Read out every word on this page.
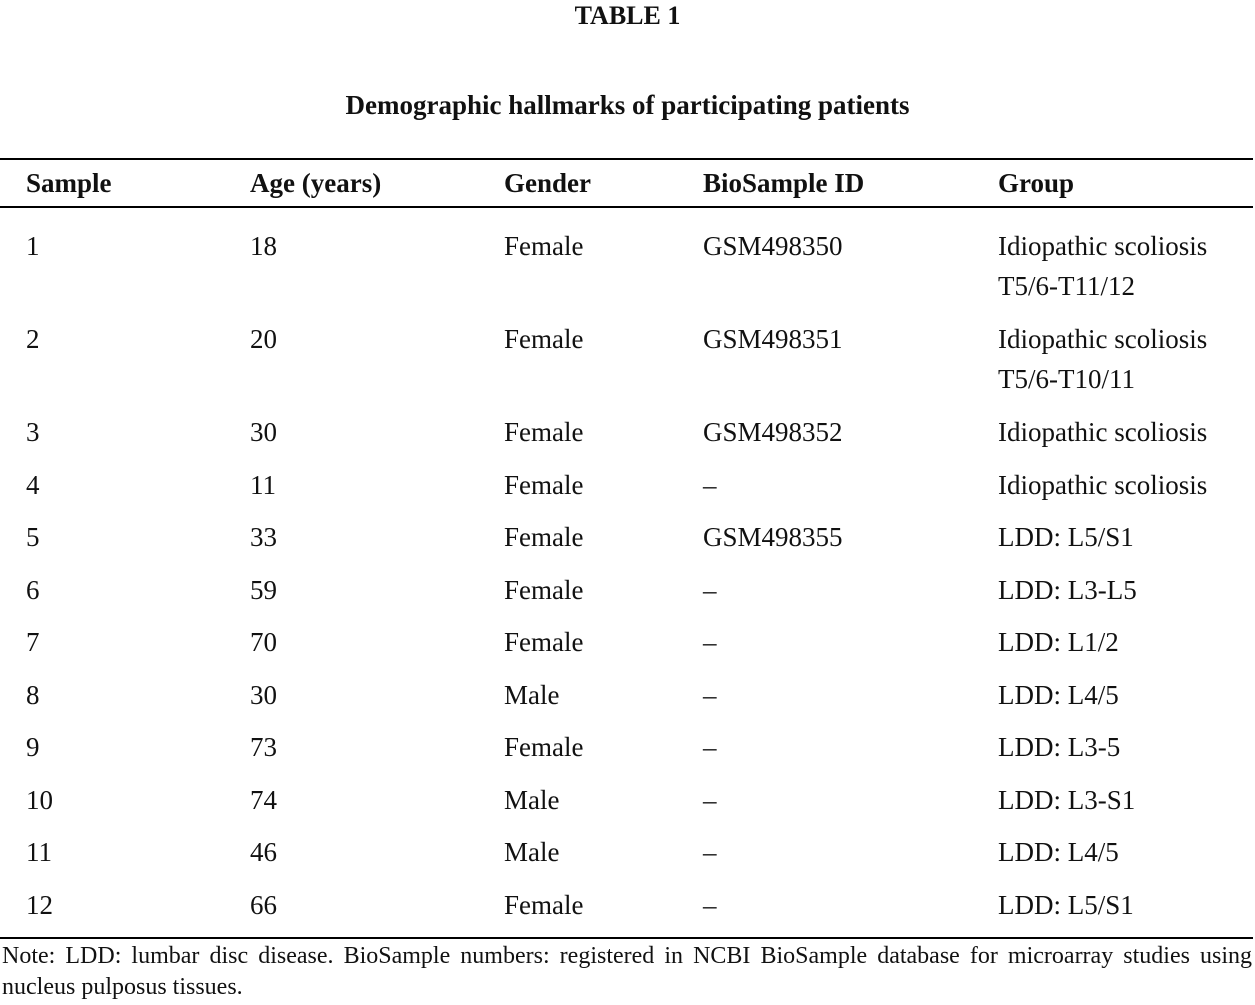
TABLE 1
Demographic hallmarks of participating patients
Sample	Age (years)	Gender	BioSample ID	Group

1	18	Female	GSM498350	Idiopathic scoliosis
T5/6-T11/12

2	20	Female	GSM498351	Idiopathic scoliosis
T5/6-T10/11

3	30	Female	GSM498352	Idiopathic scoliosis

4	11	Female	–	Idiopathic scoliosis

5	33	Female	GSM498355	LDD: L5/S1

6	59	Female	–	LDD: L3-L5

7	70	Female	–	LDD: L1/2

8	30	Male	–	LDD: L4/5

9	73	Female	–	LDD: L3-5

10	74	Male	–	LDD: L3-S1

11	46	Male	–	LDD: L4/5

12	66	Female	–	LDD: L5/S1
Note: LDD: lumbar disc disease. BioSample numbers: registered in NCBI BioSample database for microarray studies using nucleus pulposus tissues.
